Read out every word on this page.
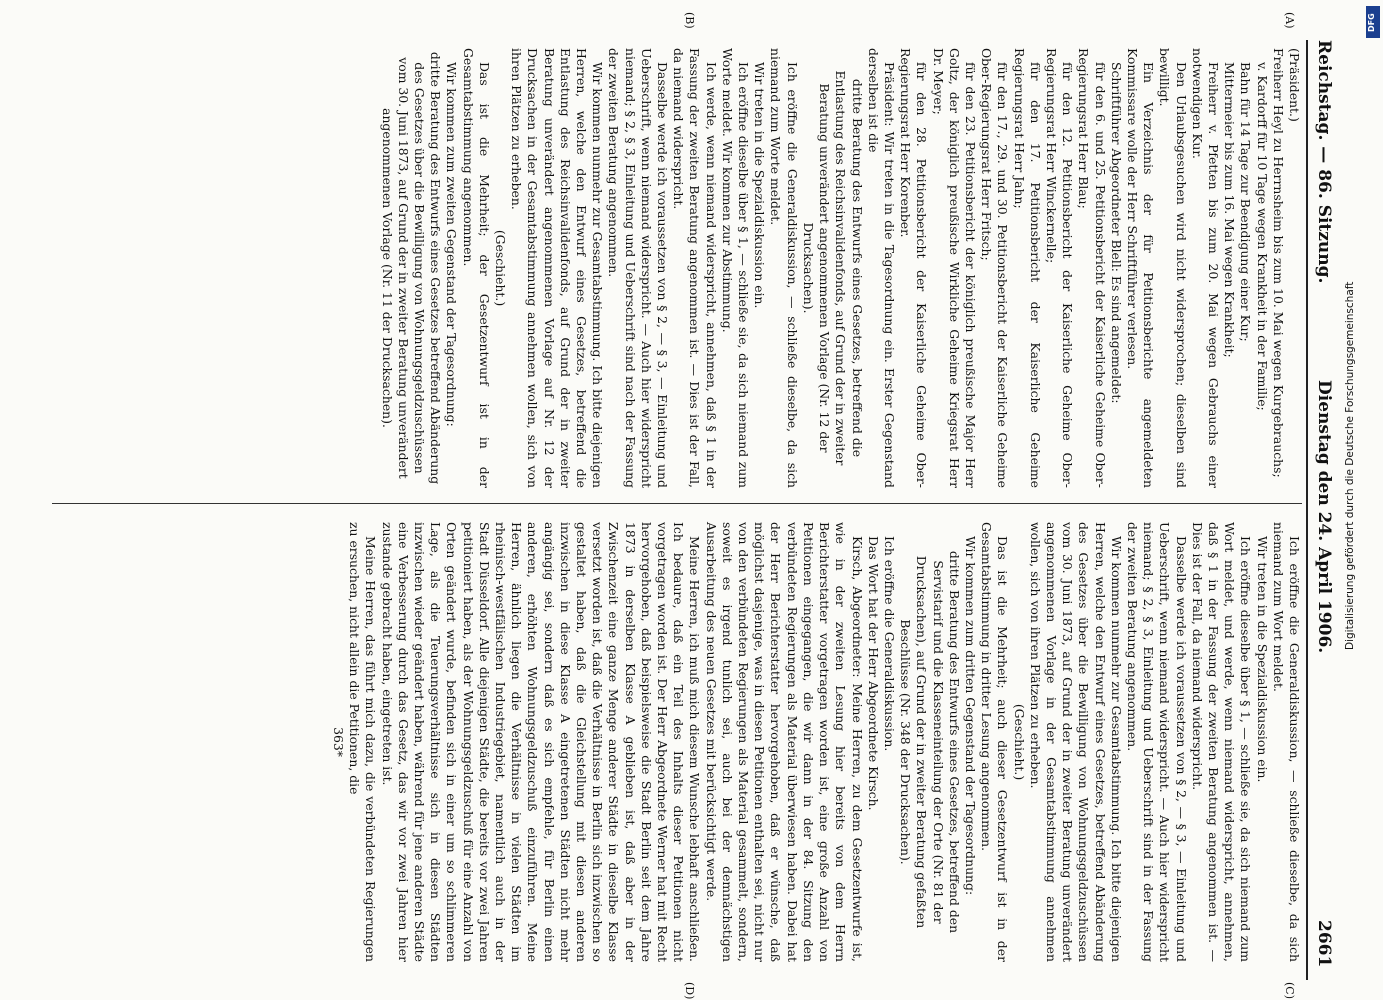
Reichstag. — 86. Sitzung.
Dienstag den 24. April 1906.
2661
(A)
(B)
(C)
(D)

(Präsident.)

Freiherr Heyl zu Herrnsheim bis zum 10. Mai wegen Kurgebrauchs;

v. Kardorff für 10 Tage wegen Krankheit in der Familie;

Bahn für 14 Tage zur Beendigung einer Kur;

Mittermeier bis zum 16. Mai wegen Krankheit;

Freiherr v. Pfetten bis zum 20. Mai wegen Gebrauchs einer notwendigen Kur.

Den Urlaubsgesuchen wird nicht widersprochen; dieselben sind bewilligt.

Ein Verzeichnis der für Petitionsberichte angemeldeten Kommissare wolle der Herr Schriftführer verlesen.

Schriftführer Abgeordneter Blell: Es sind angemeldet:

für den 6. und 25. Petitionsbericht der Kaiserliche Geheime Ober-Regierungsrat Herr Blau;

für den 12. Petitionsbericht der Kaiserliche Geheime Ober-Regierungsrat Herr Winckernelle;

für den 17. Petitionsbericht der Kaiserliche Geheime Regierungsrat Herr Jahn;

für den 17., 29. und 30. Petitionsbericht der Kaiserliche Geheime Ober-Regierungsrat Herr Fritsch;

für den 23. Petitionsbericht der königlich preußische Major Herr Goltz, der königlich preußische Wirkliche Geheime Kriegsrat Herr Dr. Meyer;

für den 28. Petitionsbericht der Kaiserliche Geheime Ober-Regierungsrat Herr Korenber.

Präsident: Wir treten in die Tagesordnung ein. Erster Gegenstand derselben ist die

dritte Beratung des Entwurfs eines Gesetzes, betreffend die Entlastung des Reichsinvalidenfonds, auf Grund der in zweiter Beratung unverändert angenommenen Vorlage (Nr. 12 der Drucksachen).

Ich eröffne die Generaldiskussion, — schließe dieselbe, da sich niemand zum Worte meldet.

Wir treten in die Spezialdiskussion ein.

Ich eröffne dieselbe über § 1, — schließe sie, da sich niemand zum Worte meldet. Wir kommen zur Abstimmung.

Ich werde, wenn niemand widerspricht, annehmen, daß § 1 in der Fassung der zweiten Beratung angenommen ist. — Dies ist der Fall, da niemand widerspricht.

Dasselbe werde ich voraussetzen von § 2, — § 3, — Einleitung und Ueberschrift, wenn niemand widerspricht. — Auch hier widerspricht niemand; § 2, § 3, Einleitung und Ueberschrift sind nach der Fassung der zweiten Beratung angenommen.

Wir kommen nunmehr zur Gesamtabstimmung. Ich bitte diejenigen Herren, welche den Entwurf eines Gesetzes, betreffend die Entlastung des Reichsinvalidenfonds, auf Grund der in zweiter Beratung unverändert angenommenen Vorlage auf Nr. 12 der Drucksachen in der Gesamtabstimmung annehmen wollen, sich von ihren Plätzen zu erheben.

(Geschieht.)

Das ist die Mehrheit; der Gesetzentwurf ist in der Gesamtabstimmung angenommen.

Wir kommen zum zweiten Gegenstand der Tagesordnung:

dritte Beratung des Entwurfs eines Gesetzes betreffend Abänderung des Gesetzes über die Bewilligung von Wohnungsgeldzuschüssen vom 30. Juni 1873, auf Grund der in zweiter Beratung unverändert angenommenen Vorlage (Nr. 11 der Drucksachen).

Ich eröffne die Generaldiskussion, — schließe dieselbe, da sich niemand zum Wort meldet.

Wir treten in die Spezialdiskussion ein.

Ich eröffne dieselbe über § 1, — schließe sie, da sich niemand zum Wort meldet, und werde, wenn niemand widerspricht, annehmen, daß § 1 in der Fassung der zweiten Beratung angenommen ist. — Dies ist der Fall, da niemand widerspricht.

Dasselbe werde ich voraussetzen von § 2, — § 3, — Einleitung und Ueberschrift, wenn niemand widerspricht. — Auch hier widerspricht niemand; § 2, § 3, Einleitung und Ueberschrift sind in der Fassung der zweiten Beratung angenommen.

Wir kommen nunmehr zur Gesamtabstimmung. Ich bitte diejenigen Herren, welche den Entwurf eines Gesetzes, betreffend Abänderung des Gesetzes über die Bewilligung von Wohnungsgeldzuschüssen vom 30. Juni 1873, auf Grund der in zweiter Beratung unverändert angenommenen Vorlage in der Gesamtabstimmung annehmen wollen, sich von ihren Plätzen zu erheben.

(Geschieht.)

Das ist die Mehrheit; auch dieser Gesetzentwurf ist in der Gesamtabstimmung in dritter Lesung angenommen.

Wir kommen zum dritten Gegenstand der Tagesordnung:

dritte Beratung des Entwurfs eines Gesetzes, betreffend den Servistarif und die Klasseneinteilung der Orte (Nr. 81 der Drucksachen), auf Grund der in zweiter Beratung gefaßten Beschlüsse (Nr. 348 der Drucksachen).

Ich eröffne die Generaldiskussion.

Das Wort hat der Herr Abgeordnete Kirsch.

Kirsch, Abgeordneter: Meine Herren, zu dem Gesetzentwurfe ist, wie in der zweiten Lesung hier bereits von dem Herrn Berichterstatter vorgetragen worden ist, eine große Anzahl von Petitionen eingegangen, die wir dann in der 84. Sitzung den verbündeten Regierungen als Material überwiesen haben. Dabei hat der Herr Berichterstatter hervorgehoben, daß er wünsche, daß möglichst dasjenige, was in diesen Petitionen enthalten sei, nicht nur von den verbündeten Regierungen als Material gesammelt, sondern, soweit es irgend tunlich sei, auch bei der demnächstigen Ausarbeitung des neuen Gesetzes mit berücksichtigt werde.

Meine Herren, ich muß mich diesem Wunsche lebhaft anschließen. Ich bedaure, daß ein Teil des Inhalts dieser Petitionen nicht vorgetragen worden ist. Der Herr Abgeordnete Werner hat mit Recht hervorgehoben, daß beispielsweise die Stadt Berlin seit dem Jahre 1873 in derselben Klasse A geblieben ist, daß aber in der Zwischenzeit eine ganze Menge anderer Städte in dieselbe Klasse versetzt worden ist, daß die Verhältnisse in Berlin sich inzwischen so gestaltet haben, daß die Gleichstellung mit diesen anderen inzwischen in diese Klasse A eingetretenen Städten nicht mehr angängig sei, sondern daß es sich empfehle, für Berlin einen anderen, erhöhten Wohnungsgeldzuschuß einzuführen. Meine Herren, ähnlich liegen die Verhältnisse in vielen Städten im rheinisch-westfälischen Industriegebiet, namentlich auch in der Stadt Düsseldorf. Alle diejenigen Städte, die bereits vor zwei Jahren petitioniert haben, als der Wohnungsgeldzuschuß für eine Anzahl von Orten geändert wurde, befinden sich in einer um so schlimmeren Lage, als die Teuerungsverhältnisse sich in diesen Städten inzwischen wieder geändert haben, während für jene anderen Städte eine Verbesserung durch das Gesetz, das wir vor zwei Jahren hier zustande gebracht haben, eingetreten ist.

Meine Herren, das führt mich dazu, die verbündeten Regierungen zu ersuchen, nicht allein die Petitionen, die

363*

Digitalisierung gefördert durch die Deutsche Forschungsgemeinschaft
DFG
